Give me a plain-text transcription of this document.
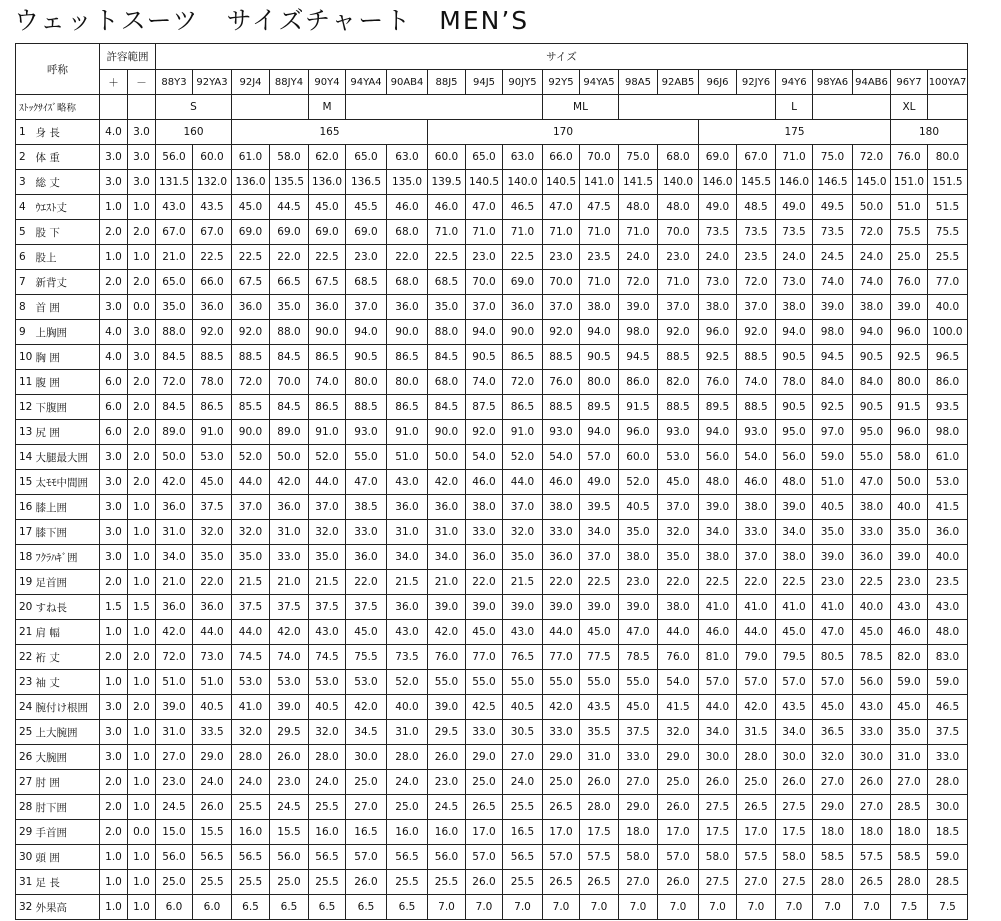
ウェットスーツ　サイズチャート　MEN’S
呼称		許容範囲		サイズ																				
		＋	－	88Y3	92YA3	92J4	88JY4	90Y4	94YA4	90AB4	88J5	94J5	90JY5	92Y5	94YA5	98A5	92AB5	96J6	92JY6	94Y6	98YA6	94AB6	96Y7	100YA7
ｽﾄｯｸｻｲｽﾞ略称				S				M						ML						L			XL	
1	身 長	4.0	3.0	160		165					170							175					180	
2	体 重	3.0	3.0	56.0	60.0	61.0	58.0	62.0	65.0	63.0	60.0	65.0	63.0	66.0	70.0	75.0	68.0	69.0	67.0	71.0	75.0	72.0	76.0	80.0
3	総 丈	3.0	3.0	131.5	132.0	136.0	135.5	136.0	136.5	135.0	139.5	140.5	140.0	140.5	141.0	141.5	140.0	146.0	145.5	146.0	146.5	145.0	151.0	151.5
4	ｳｴｽﾄ丈	1.0	1.0	43.0	43.5	45.0	44.5	45.0	45.5	46.0	46.0	47.0	46.5	47.0	47.5	48.0	48.0	49.0	48.5	49.0	49.5	50.0	51.0	51.5
5	股 下	2.0	2.0	67.0	67.0	69.0	69.0	69.0	69.0	68.0	71.0	71.0	71.0	71.0	71.0	71.0	70.0	73.5	73.5	73.5	73.5	72.0	75.5	75.5
6	股上	1.0	1.0	21.0	22.5	22.5	22.0	22.5	23.0	22.0	22.5	23.0	22.5	23.0	23.5	24.0	23.0	24.0	23.5	24.0	24.5	24.0	25.0	25.5
7	新背丈	2.0	2.0	65.0	66.0	67.5	66.5	67.5	68.5	68.0	68.5	70.0	69.0	70.0	71.0	72.0	71.0	73.0	72.0	73.0	74.0	74.0	76.0	77.0
8	首 囲	3.0	0.0	35.0	36.0	36.0	35.0	36.0	37.0	36.0	35.0	37.0	36.0	37.0	38.0	39.0	37.0	38.0	37.0	38.0	39.0	38.0	39.0	40.0
9	上胸囲	4.0	3.0	88.0	92.0	92.0	88.0	90.0	94.0	90.0	88.0	94.0	90.0	92.0	94.0	98.0	92.0	96.0	92.0	94.0	98.0	94.0	96.0	100.0
10	胸 囲	4.0	3.0	84.5	88.5	88.5	84.5	86.5	90.5	86.5	84.5	90.5	86.5	88.5	90.5	94.5	88.5	92.5	88.5	90.5	94.5	90.5	92.5	96.5
11	腹 囲	6.0	2.0	72.0	78.0	72.0	70.0	74.0	80.0	80.0	68.0	74.0	72.0	76.0	80.0	86.0	82.0	76.0	74.0	78.0	84.0	84.0	80.0	86.0
12	下腹囲	6.0	2.0	84.5	86.5	85.5	84.5	86.5	88.5	86.5	84.5	87.5	86.5	88.5	89.5	91.5	88.5	89.5	88.5	90.5	92.5	90.5	91.5	93.5
13	尻 囲	6.0	2.0	89.0	91.0	90.0	89.0	91.0	93.0	91.0	90.0	92.0	91.0	93.0	94.0	96.0	93.0	94.0	93.0	95.0	97.0	95.0	96.0	98.0
14	大腿最大囲	3.0	2.0	50.0	53.0	52.0	50.0	52.0	55.0	51.0	50.0	54.0	52.0	54.0	57.0	60.0	53.0	56.0	54.0	56.0	59.0	55.0	58.0	61.0
15	太ﾓﾓ中間囲	3.0	2.0	42.0	45.0	44.0	42.0	44.0	47.0	43.0	42.0	46.0	44.0	46.0	49.0	52.0	45.0	48.0	46.0	48.0	51.0	47.0	50.0	53.0
16	膝上囲	3.0	1.0	36.0	37.5	37.0	36.0	37.0	38.5	36.0	36.0	38.0	37.0	38.0	39.5	40.5	37.0	39.0	38.0	39.0	40.5	38.0	40.0	41.5
17	膝下囲	3.0	1.0	31.0	32.0	32.0	31.0	32.0	33.0	31.0	31.0	33.0	32.0	33.0	34.0	35.0	32.0	34.0	33.0	34.0	35.0	33.0	35.0	36.0
18	ﾌｸﾗﾊｷﾞ囲	3.0	1.0	34.0	35.0	35.0	33.0	35.0	36.0	34.0	34.0	36.0	35.0	36.0	37.0	38.0	35.0	38.0	37.0	38.0	39.0	36.0	39.0	40.0
19	足首囲	2.0	1.0	21.0	22.0	21.5	21.0	21.5	22.0	21.5	21.0	22.0	21.5	22.0	22.5	23.0	22.0	22.5	22.0	22.5	23.0	22.5	23.0	23.5
20	すね長	1.5	1.5	36.0	36.0	37.5	37.5	37.5	37.5	36.0	39.0	39.0	39.0	39.0	39.0	39.0	38.0	41.0	41.0	41.0	41.0	40.0	43.0	43.0
21	肩 幅	1.0	1.0	42.0	44.0	44.0	42.0	43.0	45.0	43.0	42.0	45.0	43.0	44.0	45.0	47.0	44.0	46.0	44.0	45.0	47.0	45.0	46.0	48.0
22	裄 丈	2.0	2.0	72.0	73.0	74.5	74.0	74.5	75.5	73.5	76.0	77.0	76.5	77.0	77.5	78.5	76.0	81.0	79.0	79.5	80.5	78.5	82.0	83.0
23	袖 丈	1.0	1.0	51.0	51.0	53.0	53.0	53.0	53.0	52.0	55.0	55.0	55.0	55.0	55.0	55.0	54.0	57.0	57.0	57.0	57.0	56.0	59.0	59.0
24	腕付け根囲	3.0	2.0	39.0	40.5	41.0	39.0	40.5	42.0	40.0	39.0	42.5	40.5	42.0	43.5	45.0	41.5	44.0	42.0	43.5	45.0	43.0	45.0	46.5
25	上大腕囲	3.0	1.0	31.0	33.5	32.0	29.5	32.0	34.5	31.0	29.5	33.0	30.5	33.0	35.5	37.5	32.0	34.0	31.5	34.0	36.5	33.0	35.0	37.5
26	大腕囲	3.0	1.0	27.0	29.0	28.0	26.0	28.0	30.0	28.0	26.0	29.0	27.0	29.0	31.0	33.0	29.0	30.0	28.0	30.0	32.0	30.0	31.0	33.0
27	肘 囲	2.0	1.0	23.0	24.0	24.0	23.0	24.0	25.0	24.0	23.0	25.0	24.0	25.0	26.0	27.0	25.0	26.0	25.0	26.0	27.0	26.0	27.0	28.0
28	肘下囲	2.0	1.0	24.5	26.0	25.5	24.5	25.5	27.0	25.0	24.5	26.5	25.5	26.5	28.0	29.0	26.0	27.5	26.5	27.5	29.0	27.0	28.5	30.0
29	手首囲	2.0	0.0	15.0	15.5	16.0	15.5	16.0	16.5	16.0	16.0	17.0	16.5	17.0	17.5	18.0	17.0	17.5	17.0	17.5	18.0	18.0	18.0	18.5
30	頭 囲	1.0	1.0	56.0	56.5	56.5	56.0	56.5	57.0	56.5	56.0	57.0	56.5	57.0	57.5	58.0	57.0	58.0	57.5	58.0	58.5	57.5	58.5	59.0
31	足 長	1.0	1.0	25.0	25.5	25.5	25.0	25.5	26.0	25.5	25.5	26.0	25.5	26.5	26.5	27.0	26.0	27.5	27.0	27.5	28.0	26.5	28.0	28.5
32	外果高	1.0	1.0	6.0	6.0	6.5	6.5	6.5	6.5	6.5	7.0	7.0	7.0	7.0	7.0	7.0	7.0	7.0	7.0	7.0	7.0	7.0	7.5	7.5
